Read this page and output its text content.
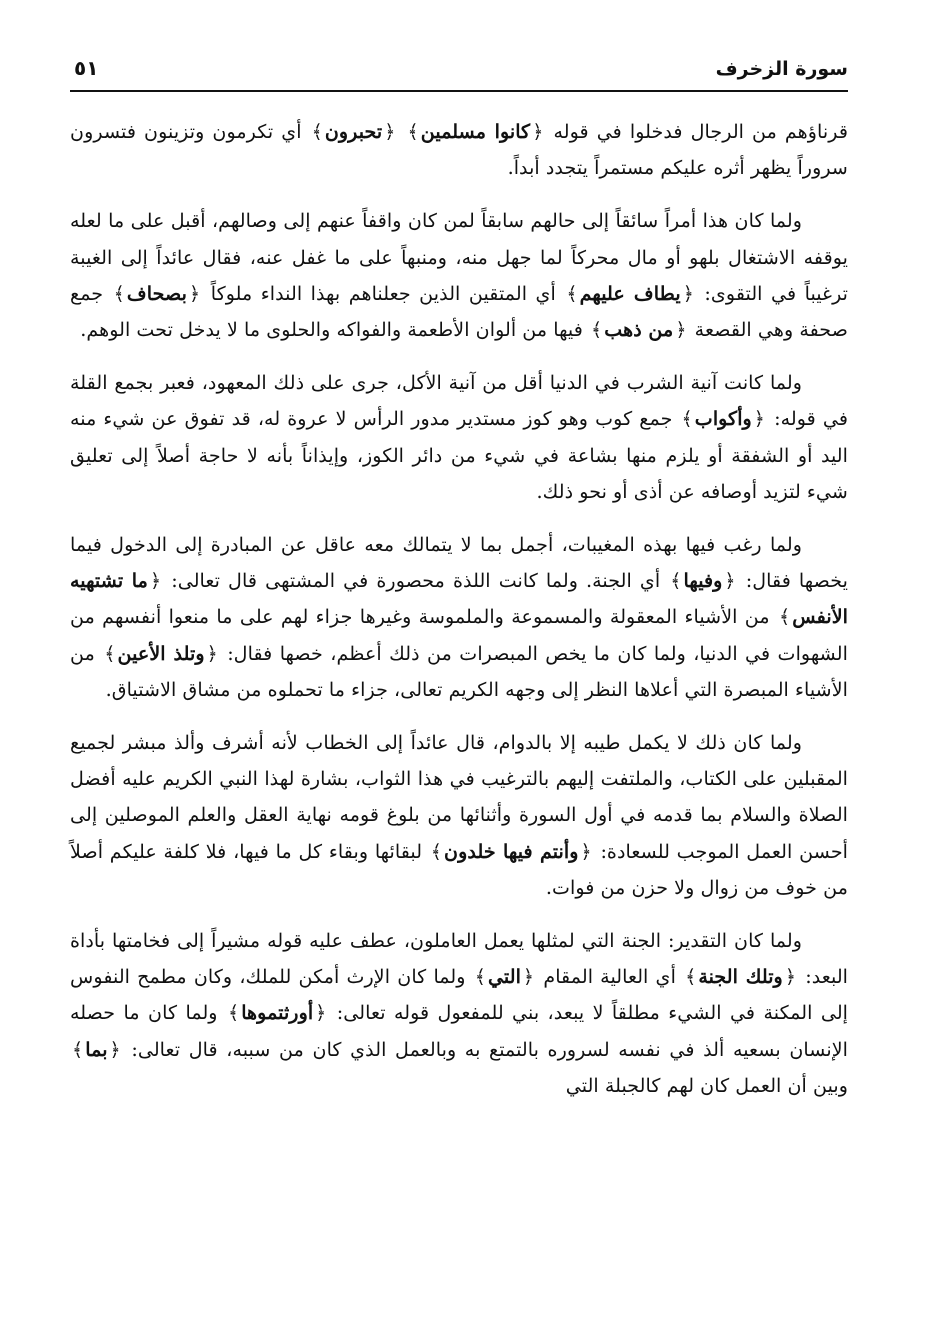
سورة الزخرف
٥١

قرناؤهم من الرجال فدخلوا في قوله ﴿كانوا مسلمين﴾ ﴿تحبرون﴾ أي تكرمون وتزينون فتسرون سروراً يظهر أثره عليكم مستمراً يتجدد أبداً.

ولما كان هذا أمراً سائقاً إلى حالهم سابقاً لمن كان واقفاً عنهم إلى وصالهم، أقبل على ما لعله يوقفه الاشتغال بلهو أو مال محركاً لما جهل منه، ومنبهاً على ما غفل عنه، فقال عائداً إلى الغيبة ترغيباً في التقوى: ﴿يطاف عليهم﴾ أي المتقين الذين جعلناهم بهذا النداء ملوكاً ﴿بصحاف﴾ جمع صحفة وهي القصعة ﴿من ذهب﴾ فيها من ألوان الأطعمة والفواكه والحلوى ما لا يدخل تحت الوهم.

ولما كانت آنية الشرب في الدنيا أقل من آنية الأكل، جرى على ذلك المعهود، فعبر بجمع القلة في قوله: ﴿وأكواب﴾ جمع كوب وهو كوز مستدير مدور الرأس لا عروة له، قد تفوق عن شيء منه اليد أو الشفقة أو يلزم منها بشاعة في شيء من دائر الكوز، وإيذاناً بأنه لا حاجة أصلاً إلى تعليق شيء لتزيد أوصافه عن أذى أو نحو ذلك.

ولما رغب فيها بهذه المغيبات، أجمل بما لا يتمالك معه عاقل عن المبادرة إلى الدخول فيما يخصها فقال: ﴿وفيها﴾ أي الجنة. ولما كانت اللذة محصورة في المشتهى قال تعالى: ﴿ما تشتهيه الأنفس﴾ من الأشياء المعقولة والمسموعة والملموسة وغيرها جزاء لهم على ما منعوا أنفسهم من الشهوات في الدنيا، ولما كان ما يخص المبصرات من ذلك أعظم، خصها فقال: ﴿وتلذ الأعين﴾ من الأشياء المبصرة التي أعلاها النظر إلى وجهه الكريم تعالى، جزاء ما تحملوه من مشاق الاشتياق.

ولما كان ذلك لا يكمل طيبه إلا بالدوام، قال عائداً إلى الخطاب لأنه أشرف وألذ مبشر لجميع المقبلين على الكتاب، والملتفت إليهم بالترغيب في هذا الثواب، بشارة لهذا النبي الكريم عليه أفضل الصلاة والسلام بما قدمه في أول السورة وأثنائها من بلوغ قومه نهاية العقل والعلم الموصلين إلى أحسن العمل الموجب للسعادة: ﴿وأنتم فيها خلدون﴾ لبقائها وبقاء كل ما فيها، فلا كلفة عليكم أصلاً من خوف من زوال ولا حزن من فوات.

ولما كان التقدير: الجنة التي لمثلها يعمل العاملون، عطف عليه قوله مشيراً إلى فخامتها بأداة البعد: ﴿وتلك الجنة﴾ أي العالية المقام ﴿التي﴾ ولما كان الإرث أمكن للملك، وكان مطمح النفوس إلى المكنة في الشيء مطلقاً لا يبعد، بني للمفعول قوله تعالى: ﴿أورثتموها﴾ ولما كان ما حصله الإنسان بسعيه ألذ في نفسه لسروره بالتمتع به وبالعمل الذي كان من سببه، قال تعالى: ﴿بما﴾ وبين أن العمل كان لهم كالجبلة التي
